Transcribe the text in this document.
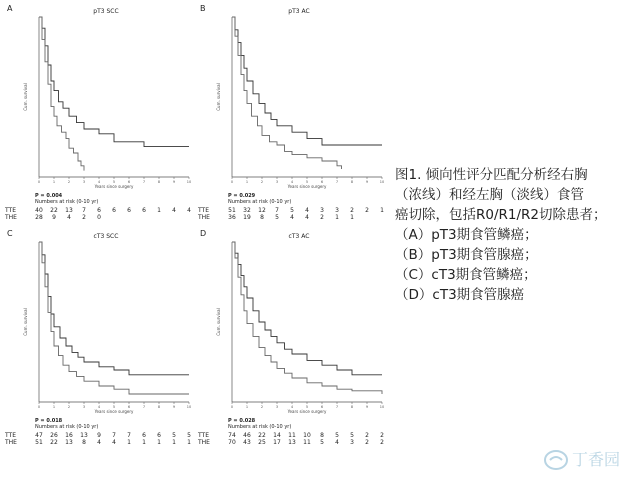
A	pT3 SCC
Cum. survival
0	1	2	3	4	5	6	7	8	9	10
Years since surgery
P = 0.004
Numbers at risk (0-10 yr)
TTE	40 22 13 7 6 6 6 6 1 4 4
THE	28 9 4 2 0
B	pT3 AC
Cum. survival
0	1	2	3	4	5	6	7	8	9	10
Years since surgery
P = 0.029
Numbers at risk (0-10 yr)
TTE	51 32 12 7 5 4 3 3 2 2 1
THE	36 19 8 5 4 4 2 1 1
C	cT3 SCC
Cum. survival
0	1	2	3	4	5	6	7	8	9	10
Years since surgery
P = 0.018
Numbers at risk (0-10 yr)
TTE	47 26 16 13 9 7 7 6 6 5 5
THE	51 22 13 8 4 4 1 1 1 1 1
D	cT3 AC
Cum. survival
0	1	2	3	4	5	6	7	8	9	10
Years since surgery
P = 0.028
Numbers at risk (0-10 yr)
TTE	74 46 22 14 11 10 8 5 5 2 2
THE	70 43 25 17 13 11 5 4 3 2 2
图1. 倾向性评分匹配分析经右胸
（浓线）和经左胸（淡线）食管
癌切除，包括R0/R1/R2切除患者；
（A）pT3期食管鳞癌；
（B）pT3期食管腺癌；
（C）cT3期食管鳞癌；
（D）cT3期食管腺癌
丁香园
